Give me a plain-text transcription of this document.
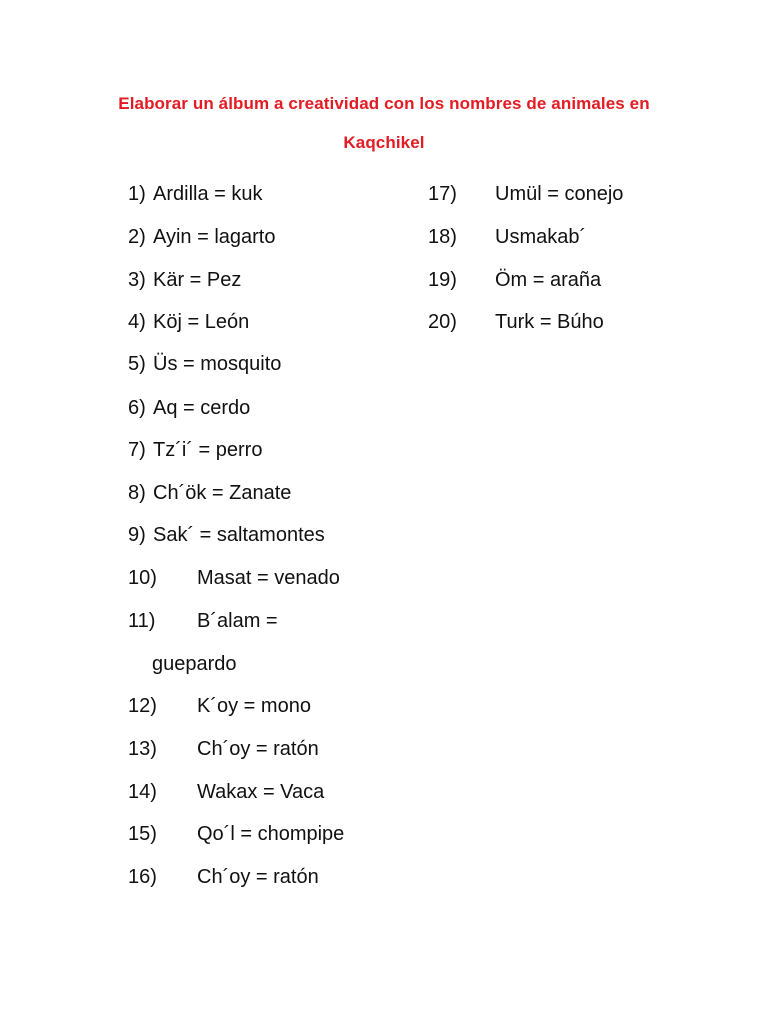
Elaborar un álbum a creatividad con los nombres de animales en
Kaqchikel
1) Ardilla = kuk
2) Ayin = lagarto
3) Kär = Pez
4) Köj = León
5) Üs = mosquito
6) Aq = cerdo
7) Tz´i´ = perro
8) Ch´ök = Zanate
9) Sak´ = saltamontes
10) Masat = venado
11) B´alam =
guepardo
12) K´oy = mono
13) Ch´oy = ratón
14) Wakax = Vaca
15) Qo´l = chompipe
16) Ch´oy = ratón
17) Umül = conejo
18) Usmakab´
19) Öm = araña
20) Turk = Búho
